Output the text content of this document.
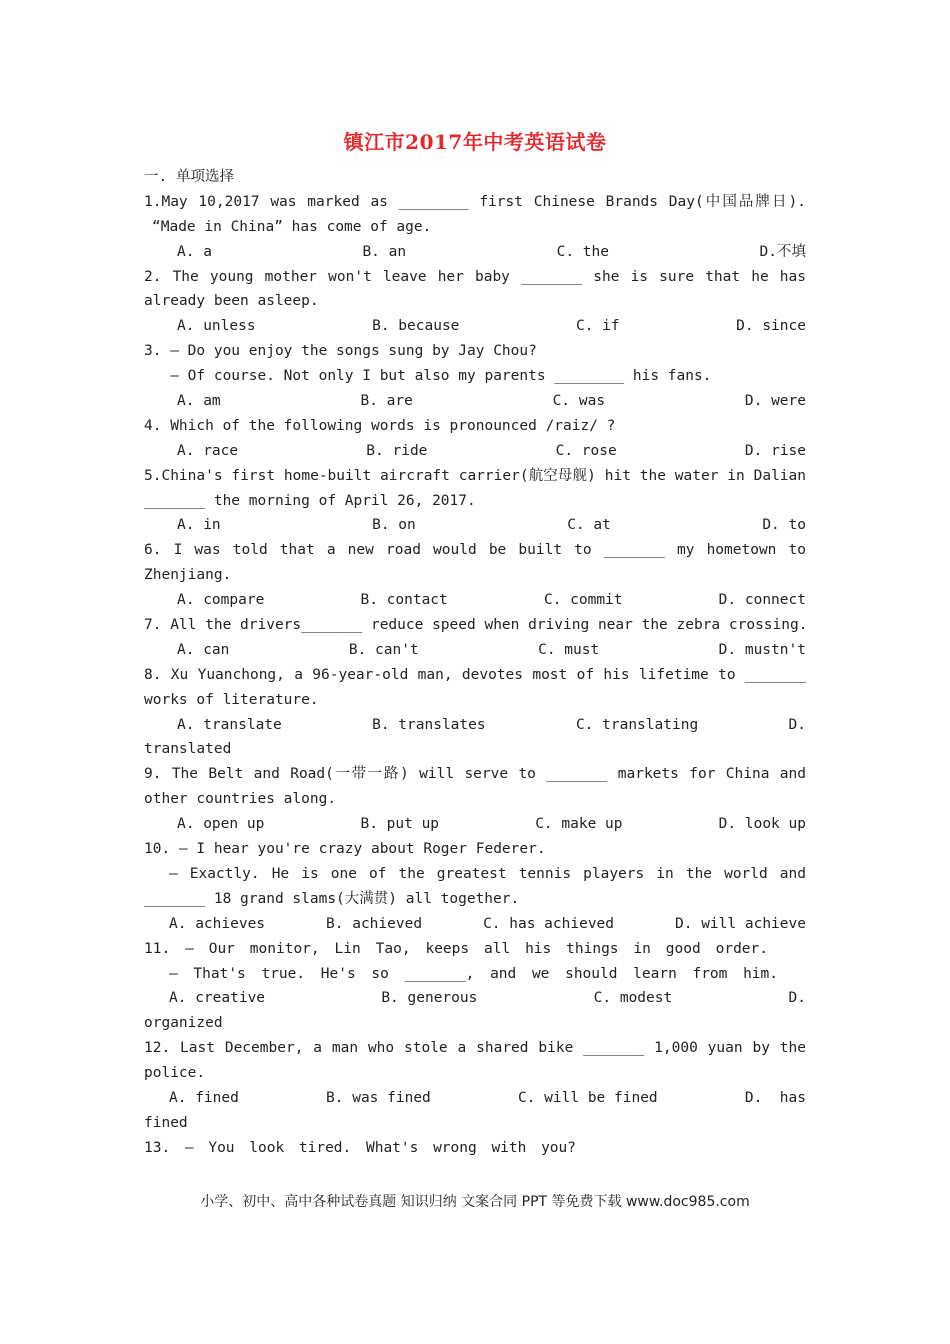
镇江市2017年中考英语试卷
一. 单项选择
1.May 10,2017 was marked as ________ first Chinese Brands Day(中国品牌日).
“Made in China” has come of age.
A. a	B. an	C. the	D.不填
2. The young mother won't leave her baby _______ she is sure that he has
already been asleep.
A. unless	B. because	C. if	D. since
3. — Do you enjoy the songs sung by Jay Chou?
— Of course. Not only I but also my parents ________ his fans.
A. am	B. are	C. was	D. were
4. Which of the following words is pronounced /raiz/ ?
A. race	B. ride	C. rose	D. rise
5.China's first home-built aircraft carrier(航空母舰) hit the water in Dalian
_______ the morning of April 26, 2017.
A. in	B. on	C. at	D. to
6. I was told that a new road would be built to _______ my hometown to
Zhenjiang.
A. compare	B. contact	C. commit	D. connect
7. All the drivers_______ reduce speed when driving near the zebra crossing.
A. can	B. can't	C. must	D. mustn't
8. Xu Yuanchong, a 96-year-old man, devotes most of his lifetime to _______
works of literature.
A. translate	B. translates	C. translating	D.
translated
9. The Belt and Road(一带一路) will serve to _______ markets for China and
other countries along.
A. open up	B. put up	C. make up	D. look up
10. — I hear you're crazy about Roger Federer.
— Exactly. He is one of the greatest tennis players in the world and
_______ 18 grand slams(大满贯) all together.
A. achieves	B. achieved	C. has achieved	D. will achieve
11. — Our monitor, Lin Tao, keeps all his things in good order.
— That's true. He's so _______, and we should learn from him.
A. creative	B. generous	C. modest	D.
organized
12. Last December, a man who stole a shared bike _______ 1,000 yuan by the
police.
A. fined	B. was fined	C. will be fined	D.  has
fined
13. — You look tired. What's wrong with you?
小学、初中、高中各种试卷真题 知识归纳 文案合同 PPT 等免费下载 www.doc985.com
